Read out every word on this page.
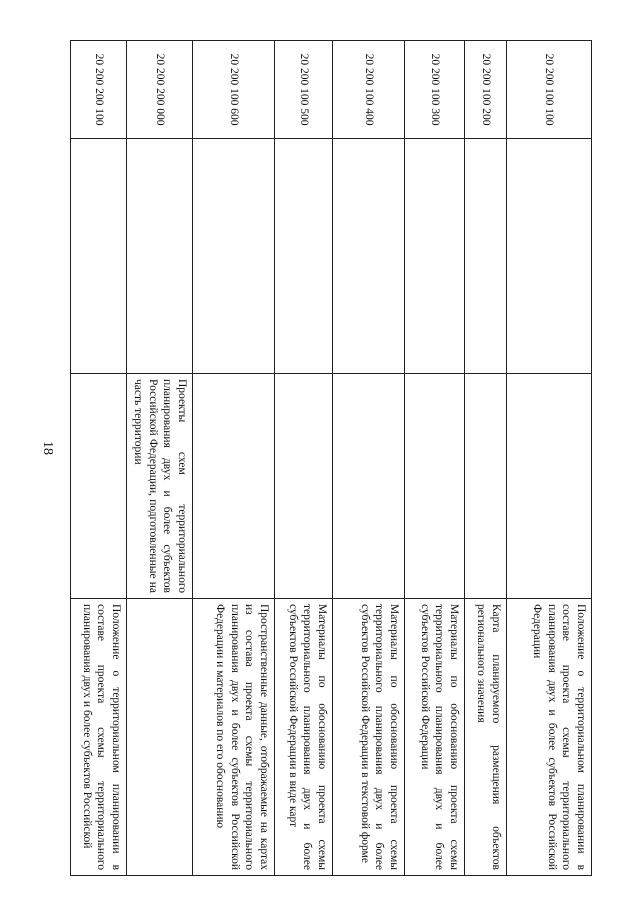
18
20 200 100 100			Положение о территориальном планировании в составе проекта схемы территориального планирования двух и более субъектов Российской Федерации
20 200 100 200			Карта планируемого размещения объектов регионального значения
20 200 100 300			Материалы по обоснованию проекта схемы территориального планирования двух и более субъектов Российской Федерации
20 200 100 400			Материалы по обоснованию проекта схемы территориального планирования двух и более субъектов Российской Федерации в текстовой форме
20 200 100 500			Материалы по обоснованию проекта схемы территориального планирования двух и более субъектов Российской Федерации в виде карт
20 200 100 600			Пространственные данные, отображаемые на картах из состава проекта схемы территориального планирования двух и более субъектов Российской Федерации и материалов по его обоснованию
20 200 200 000		Проекты схем территориального планирования двух и более субъектов Российской Федерации, подготовленные на часть территории	
20 200 200 100			Положение о территориальном планировании в составе проекта схемы территориального планирования двух и более субъектов Российской
